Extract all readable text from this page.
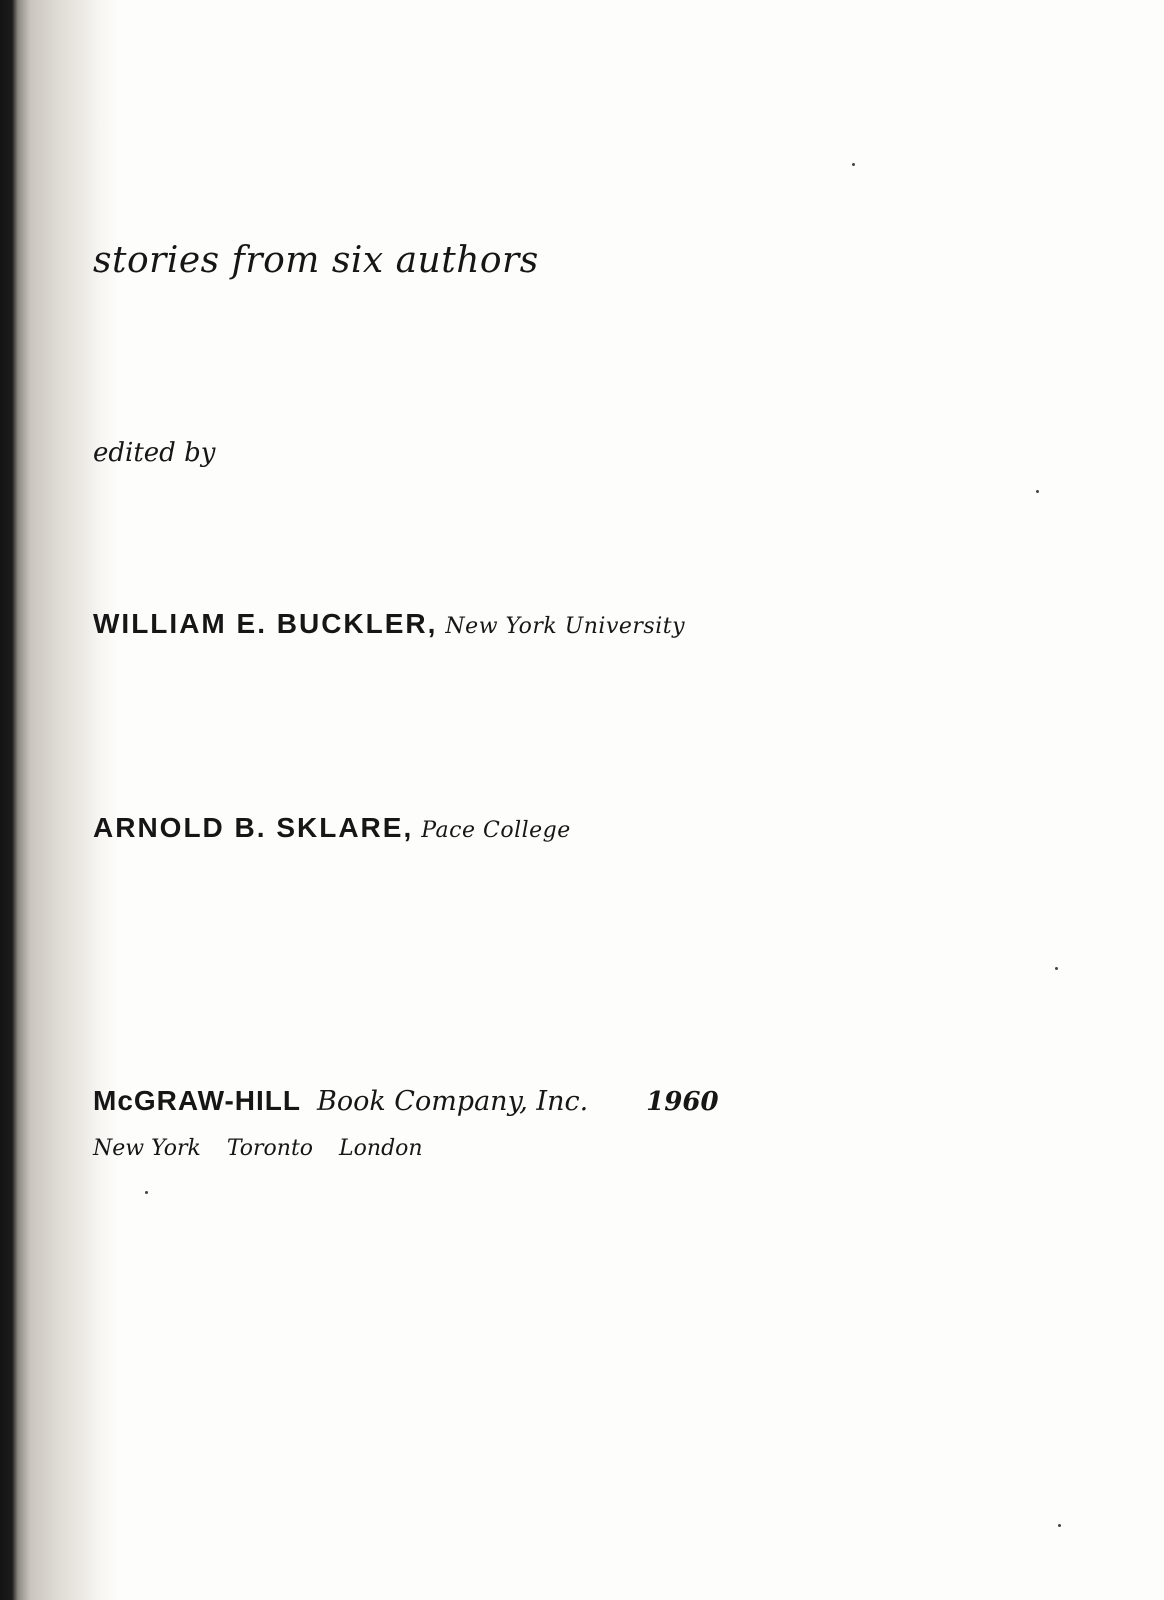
stories from six authors
edited by
WILLIAM E. BUCKLER, New York University
ARNOLD B. SKLARE, Pace College
McGRAW-HILL Book Company, Inc. 1960
New York Toronto London
